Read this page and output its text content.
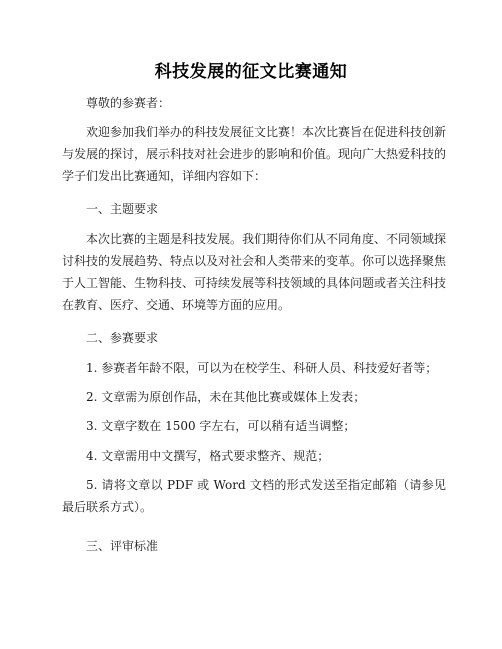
科技发展的征文比赛通知
尊敬的参赛者：
欢迎参加我们举办的科技发展征文比赛！本次比赛旨在促进科技创新与发展的探讨，展示科技对社会进步的影响和价值。现向广大热爱科技的学子们发出比赛通知，详细内容如下：
一、主题要求
本次比赛的主题是科技发展。我们期待你们从不同角度、不同领域探讨科技的发展趋势、特点以及对社会和人类带来的变革。你可以选择聚焦于人工智能、生物科技、可持续发展等科技领域的具体问题或者关注科技在教育、医疗、交通、环境等方面的应用。
二、参赛要求
1. 参赛者年龄不限，可以为在校学生、科研人员、科技爱好者等；
2. 文章需为原创作品，未在其他比赛或媒体上发表；
3. 文章字数在 1500 字左右，可以稍有适当调整；
4. 文章需用中文撰写，格式要求整齐、规范；
5. 请将文章以 PDF 或 Word 文档的形式发送至指定邮箱（请参见最后联系方式）。
三、评审标准
